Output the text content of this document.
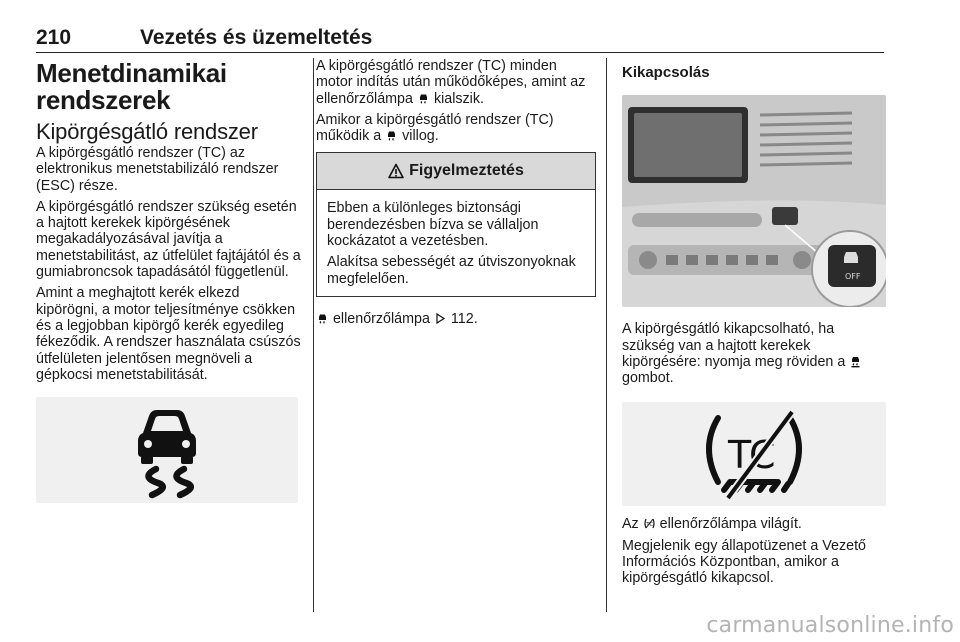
210	Vezetés és üzemeltetés
Menetdinamikai rendszerek
Kipörgésgátló rendszer

A kipörgésgátló rendszer (TC) az elektronikus menetstabilizáló rendszer (ESC) része.

A kipörgésgátló rendszer szükség esetén a hajtott kerekek kipörgésének megakadályozásával javítja a menetstabilitást, az útfelület fajtájától és a gumiabroncsok tapadásától függetlenül.

Amint a meghajtott kerék elkezd kipörögni, a motor teljesítménye csökken és a legjobban kipörgő kerék egyedileg fékeződik. A rendszer használata csúszós útfelületen jelentősen megnöveli a gépkocsi menetstabilitását.

A kipörgésgátló rendszer (TC) minden motor indítás után működőképes, amint az ellenőrzőlámpa kialszik.

Amikor a kipörgésgátló rendszer (TC) működik a villog.

Figyelmeztetés

Ebben a különleges biztonsági berendezésben bízva se vállaljon kockázatot a vezetésben.

Alakítsa sebességét az útviszonyoknak megfelelően.

ellenőrzőlámpa 112.

Kikapcsolás
OFF

A kipörgésgátló kikapcsolható, ha szükség van a hajtott kerekek kipörgésére: nyomja meg röviden a
gombot.

TC

Az TC ellenőrzőlámpa világít.

Megjelenik egy állapotüzenet a Vezető Információs Központban, amikor a kipörgésgátló kikapcsol.

carmanualsonline.info
